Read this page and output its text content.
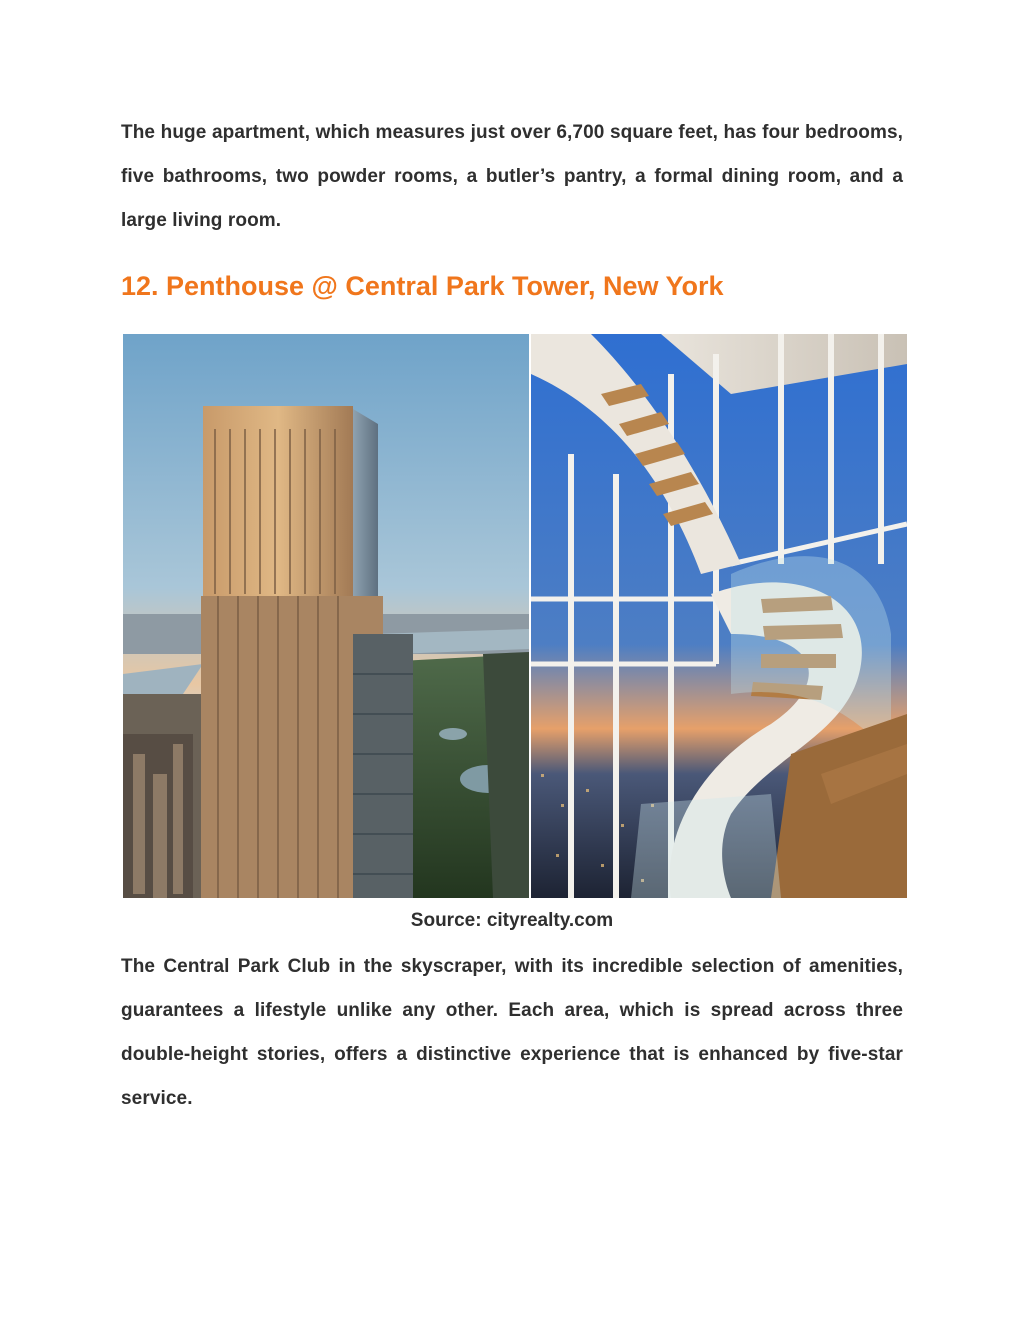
The huge apartment, which measures just over 6,700 square feet, has four bedrooms, five bathrooms, two powder rooms, a butler’s pantry, a formal dining room, and a large living room.

12. Penthouse @ Central Park Tower, New York
Source: cityrealty.com

The Central Park Club in the skyscraper, with its incredible selection of amenities, guarantees a lifestyle unlike any other. Each area, which is spread across three double-height stories, offers a distinctive experience that is enhanced by five-star service.
